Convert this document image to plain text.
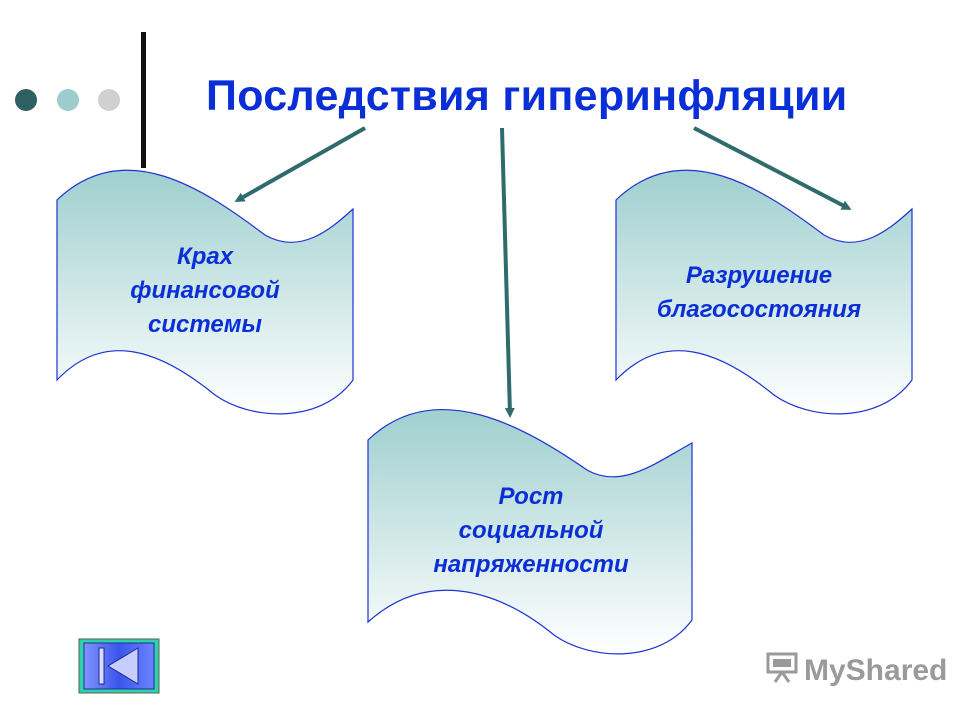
Последствия гиперинфляции
Крах
финансовой
системы
Разрушение
благосостояния
Рост
социальной
напряженности
MyShared
